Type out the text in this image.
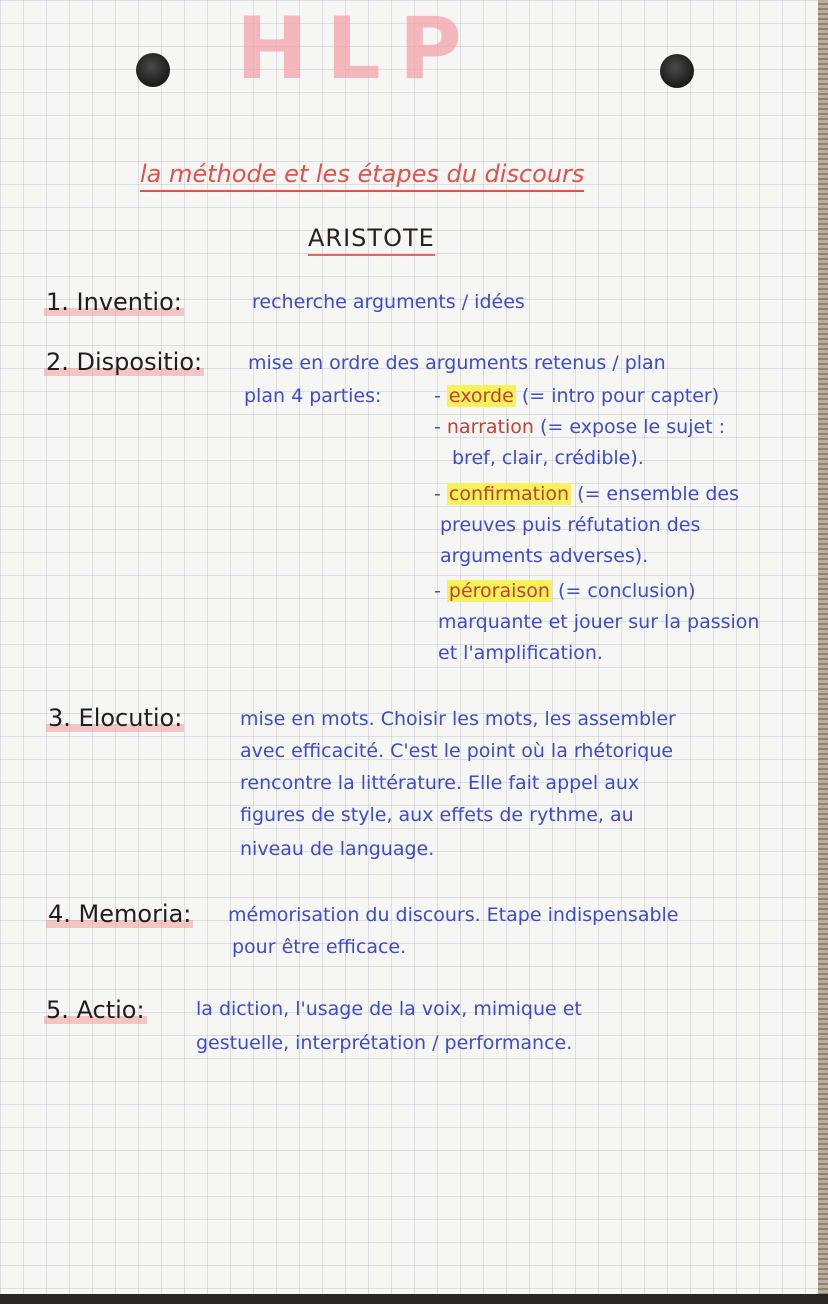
HLP
la méthode et les étapes du discours
ARISTOTE
1. Inventio:	recherche arguments / idées
2. Dispositio: mise en ordre des arguments retenus / plan
plan 4 parties:	- exorde (= intro pour capter)
- narration (= expose le sujet :
bref, clair, crédible).
- confirmation (= ensemble des
preuves puis réfutation des
arguments adverses).
- péroraison (= conclusion)
marquante et jouer sur la passion
et l'amplification.
3. Elocutio:	mise en mots. Choisir les mots, les assembler
avec efficacité. C'est le point où la rhétorique
rencontre la littérature. Elle fait appel aux
figures de style, aux effets de rythme, au
niveau de language.
4. Memoria: mémorisation du discours. Etape indispensable
pour être efficace.
5. Actio:	la diction, l'usage de la voix, mimique et
gestuelle, interprétation / performance.
